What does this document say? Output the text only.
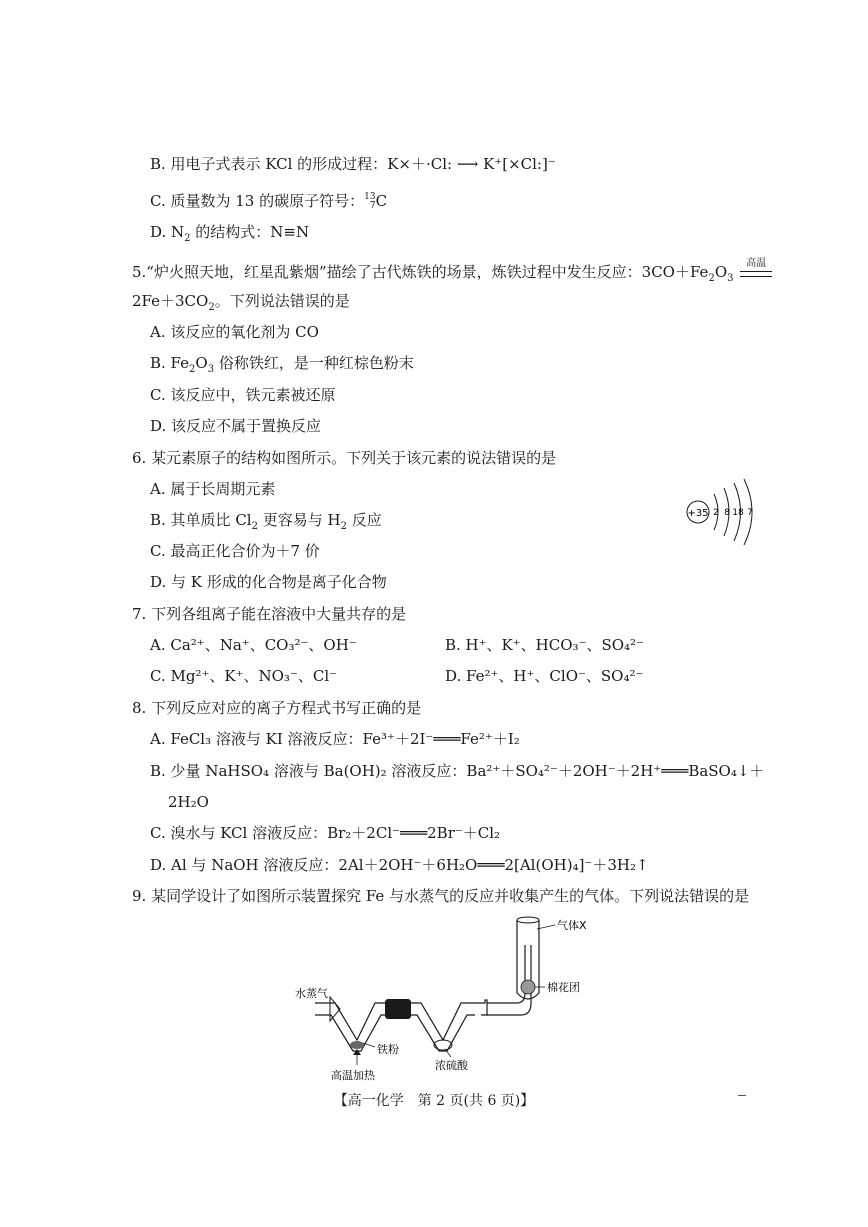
B. 用电子式表示 KCl 的形成过程：K×＋·Cl: ⟶ K⁺[×Cl:]⁻
C. 质量数为 13 的碳原子符号：13
7C
D. $N_2$ 的结构式：N≡N
5.“炉火照天地，红星乱紫烟”描绘了古代炼铁的场景，炼铁过程中发生反应：$3CO+Fe_2O_3$
高温
$2Fe+3CO_2$。下列说法错误的是
A. 该反应的氧化剂为 CO
B. $Fe_2O_3$ 俗称铁红，是一种红棕色粉末
C. 该反应中，铁元素被还原
D. 该反应不属于置换反应
6. 某元素原子的结构如图所示。下列关于该元素的说法错误的是
A. 属于长周期元素
B. 其单质比 $Cl_2$ 更容易与 $H_2$ 反应
C. 最高正化合价为＋7 价
D. 与 K 形成的化合物是离子化合物
+35 2 8 18 7
7. 下列各组离子能在溶液中大量共存的是
A. Ca²⁺、Na⁺、CO₃²⁻、OH⁻	B. H⁺、K⁺、HCO₃⁻、SO₄²⁻
C. Mg²⁺、K⁺、NO₃⁻、Cl⁻	D. Fe²⁺、H⁺、ClO⁻、SO₄²⁻
8. 下列反应对应的离子方程式书写正确的是
A. FeCl₃ 溶液与 KI 溶液反应：Fe³⁺＋2I⁻═══Fe²⁺＋I₂
B. 少量 NaHSO₄ 溶液与 Ba(OH)₂ 溶液反应：Ba²⁺＋SO₄²⁻＋2OH⁻＋2H⁺═══BaSO₄↓＋
2H₂O
C. 溴水与 KCl 溶液反应：Br₂＋2Cl⁻═══2Br⁻＋Cl₂
D. Al 与 NaOH 溶液反应：2Al＋2OH⁻＋6H₂O═══2[Al(OH)₄]⁻＋3H₂↑
9. 某同学设计了如图所示装置探究 Fe 与水蒸气的反应并收集产生的气体。下列说法错误的是
气体X
棉花团
水蒸气
铁粉
浓硫酸
高温加热
【高一化学　第 2 页(共 6 页)】
